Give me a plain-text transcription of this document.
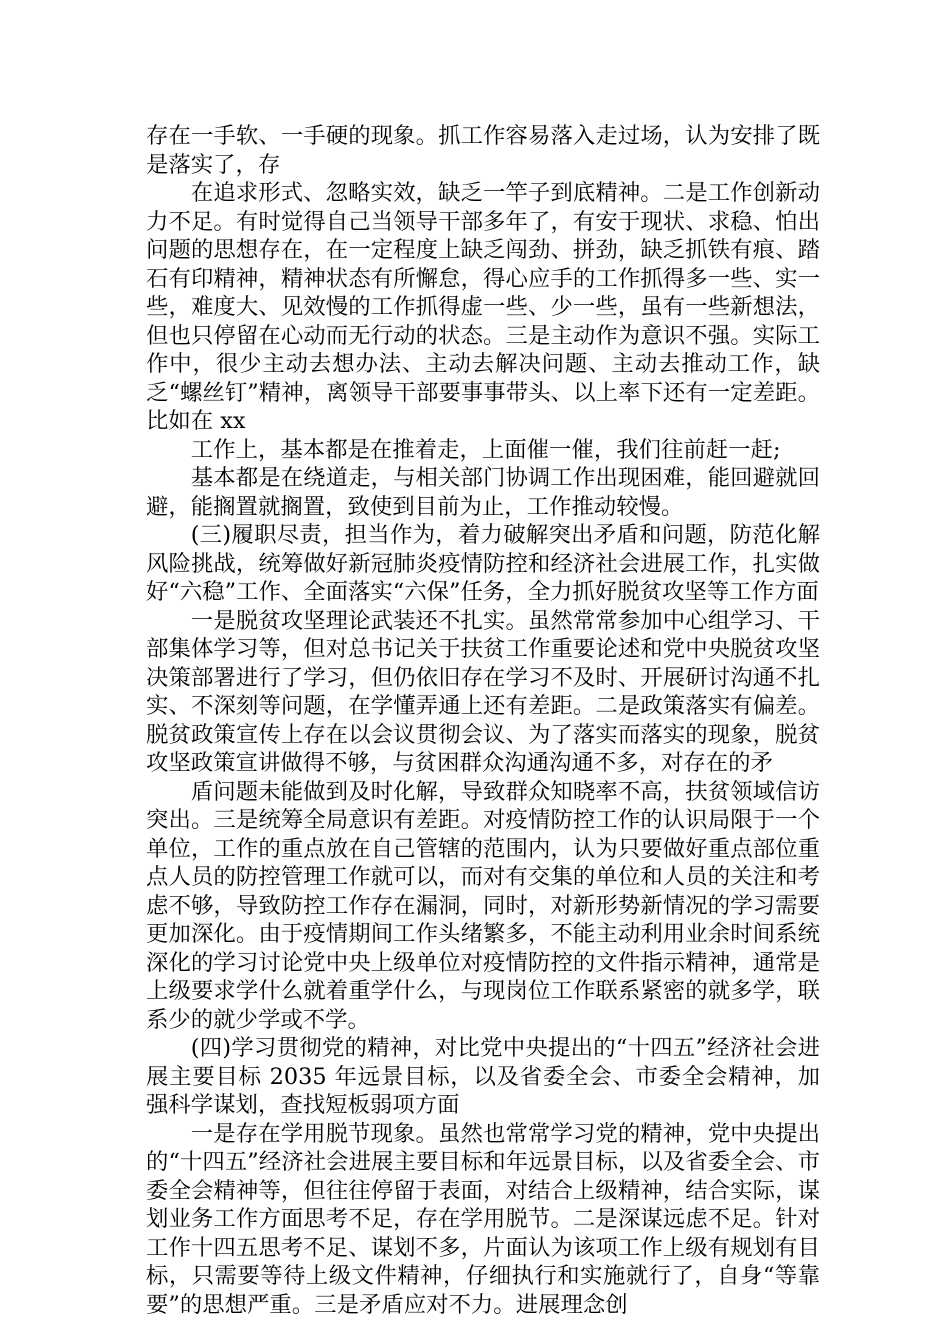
存在一手软、一手硬的现象。抓工作容易落入走过场，认为安排了既是落实了，存

在追求形式、忽略实效，缺乏一竿子到底精神。二是工作创新动力不足。有时觉得自己当领导干部多年了，有安于现状、求稳、怕出问题的思想存在，在一定程度上缺乏闯劲、拼劲，缺乏抓铁有痕、踏石有印精神，精神状态有所懈怠，得心应手的工作抓得多一些、实一些，难度大、见效慢的工作抓得虚一些、少一些，虽有一些新想法，但也只停留在心动而无行动的状态。三是主动作为意识不强。实际工作中，很少主动去想办法、主动去解决问题、主动去推动工作，缺乏“螺丝钉”精神，离领导干部要事事带头、以上率下还有一定差距。比如在 xx

工作上，基本都是在推着走，上面催一催，我们往前赶一赶;

基本都是在绕道走，与相关部门协调工作出现困难，能回避就回避，能搁置就搁置，致使到目前为止，工作推动较慢。

(三)履职尽责，担当作为，着力破解突出矛盾和问题，防范化解风险挑战，统筹做好新冠肺炎疫情防控和经济社会进展工作，扎实做好“六稳”工作、全面落实“六保”任务，全力抓好脱贫攻坚等工作方面

一是脱贫攻坚理论武装还不扎实。虽然常常参加中心组学习、干部集体学习等，但对总书记关于扶贫工作重要论述和党中央脱贫攻坚决策部署进行了学习，但仍依旧存在学习不及时、开展研讨沟通不扎实、不深刻等问题，在学懂弄通上还有差距。二是政策落实有偏差。脱贫政策宣传上存在以会议贯彻会议、为了落实而落实的现象，脱贫攻坚政策宣讲做得不够，与贫困群众沟通沟通不多，对存在的矛

盾问题未能做到及时化解，导致群众知晓率不高，扶贫领域信访突出。三是统筹全局意识有差距。对疫情防控工作的认识局限于一个单位，工作的重点放在自己管辖的范围内，认为只要做好重点部位重点人员的防控管理工作就可以，而对有交集的单位和人员的关注和考虑不够，导致防控工作存在漏洞，同时，对新形势新情况的学习需要更加深化。由于疫情期间工作头绪繁多，不能主动利用业余时间系统深化的学习讨论党中央上级单位对疫情防控的文件指示精神，通常是上级要求学什么就着重学什么，与现岗位工作联系紧密的就多学，联系少的就少学或不学。

(四)学习贯彻党的精神，对比党中央提出的“十四五”经济社会进展主要目标 2035 年远景目标，以及省委全会、市委全会精神，加强科学谋划，查找短板弱项方面

一是存在学用脱节现象。虽然也常常学习党的精神，党中央提出的“十四五”经济社会进展主要目标和年远景目标，以及省委全会、市委全会精神等，但往往停留于表面，对结合上级精神，结合实际，谋划业务工作方面思考不足，存在学用脱节。二是深谋远虑不足。针对工作十四五思考不足、谋划不多，片面认为该项工作上级有规划有目标，只需要等待上级文件精神，仔细执行和实施就行了，自身“等靠要”的思想严重。三是矛盾应对不力。进展理念创
